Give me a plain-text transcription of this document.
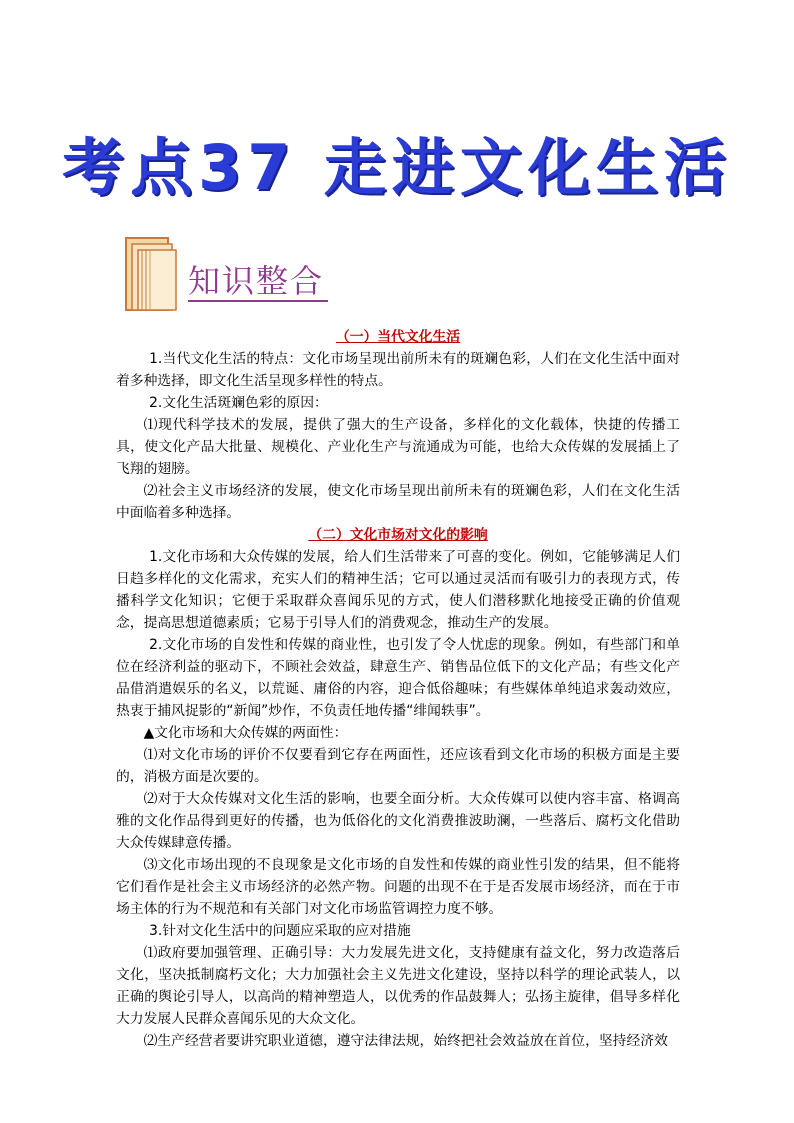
考点37 走进文化生活
知识整合

（一）当代文化生活

1.当代文化生活的特点：文化市场呈现出前所未有的斑斓色彩，人们在文化生活中面对着多种选择，即文化生活呈现多样性的特点。

2.文化生活斑斓色彩的原因：

⑴现代科学技术的发展，提供了强大的生产设备，多样化的文化载体，快捷的传播工具，使文化产品大批量、规模化、产业化生产与流通成为可能，也给大众传媒的发展插上了飞翔的翅膀。

⑵社会主义市场经济的发展，使文化市场呈现出前所未有的斑斓色彩，人们在文化生活中面临着多种选择。

（二）文化市场对文化的影响

1.文化市场和大众传媒的发展，给人们生活带来了可喜的变化。例如，它能够满足人们日趋多样化的文化需求，充实人们的精神生活；它可以通过灵活而有吸引力的表现方式，传播科学文化知识；它便于采取群众喜闻乐见的方式，使人们潜移默化地接受正确的价值观念，提高思想道德素质；它易于引导人们的消费观念，推动生产的发展。

2.文化市场的自发性和传媒的商业性，也引发了令人忧虑的现象。例如，有些部门和单位在经济利益的驱动下，不顾社会效益，肆意生产、销售品位低下的文化产品；有些文化产品借消遣娱乐的名义，以荒诞、庸俗的内容，迎合低俗趣味；有些媒体单纯追求轰动效应，热衷于捕风捉影的“新闻”炒作，不负责任地传播“绯闻轶事”。

▲文化市场和大众传媒的两面性：

⑴对文化市场的评价不仅要看到它存在两面性，还应该看到文化市场的积极方面是主要的，消极方面是次要的。

⑵对于大众传媒对文化生活的影响，也要全面分析。大众传媒可以使内容丰富、格调高雅的文化作品得到更好的传播，也为低俗化的文化消费推波助澜，一些落后、腐朽文化借助大众传媒肆意传播。

⑶文化市场出现的不良现象是文化市场的自发性和传媒的商业性引发的结果，但不能将它们看作是社会主义市场经济的必然产物。问题的出现不在于是否发展市场经济，而在于市场主体的行为不规范和有关部门对文化市场监管调控力度不够。

3.针对文化生活中的问题应采取的应对措施

⑴政府要加强管理、正确引导：大力发展先进文化，支持健康有益文化，努力改造落后文化，坚决抵制腐朽文化；大力加强社会主义先进文化建设，坚持以科学的理论武装人，以正确的舆论引导人，以高尚的精神塑造人，以优秀的作品鼓舞人；弘扬主旋律，倡导多样化大力发展人民群众喜闻乐见的大众文化。

⑵生产经营者要讲究职业道德，遵守法律法规，始终把社会效益放在首位，坚持经济效
